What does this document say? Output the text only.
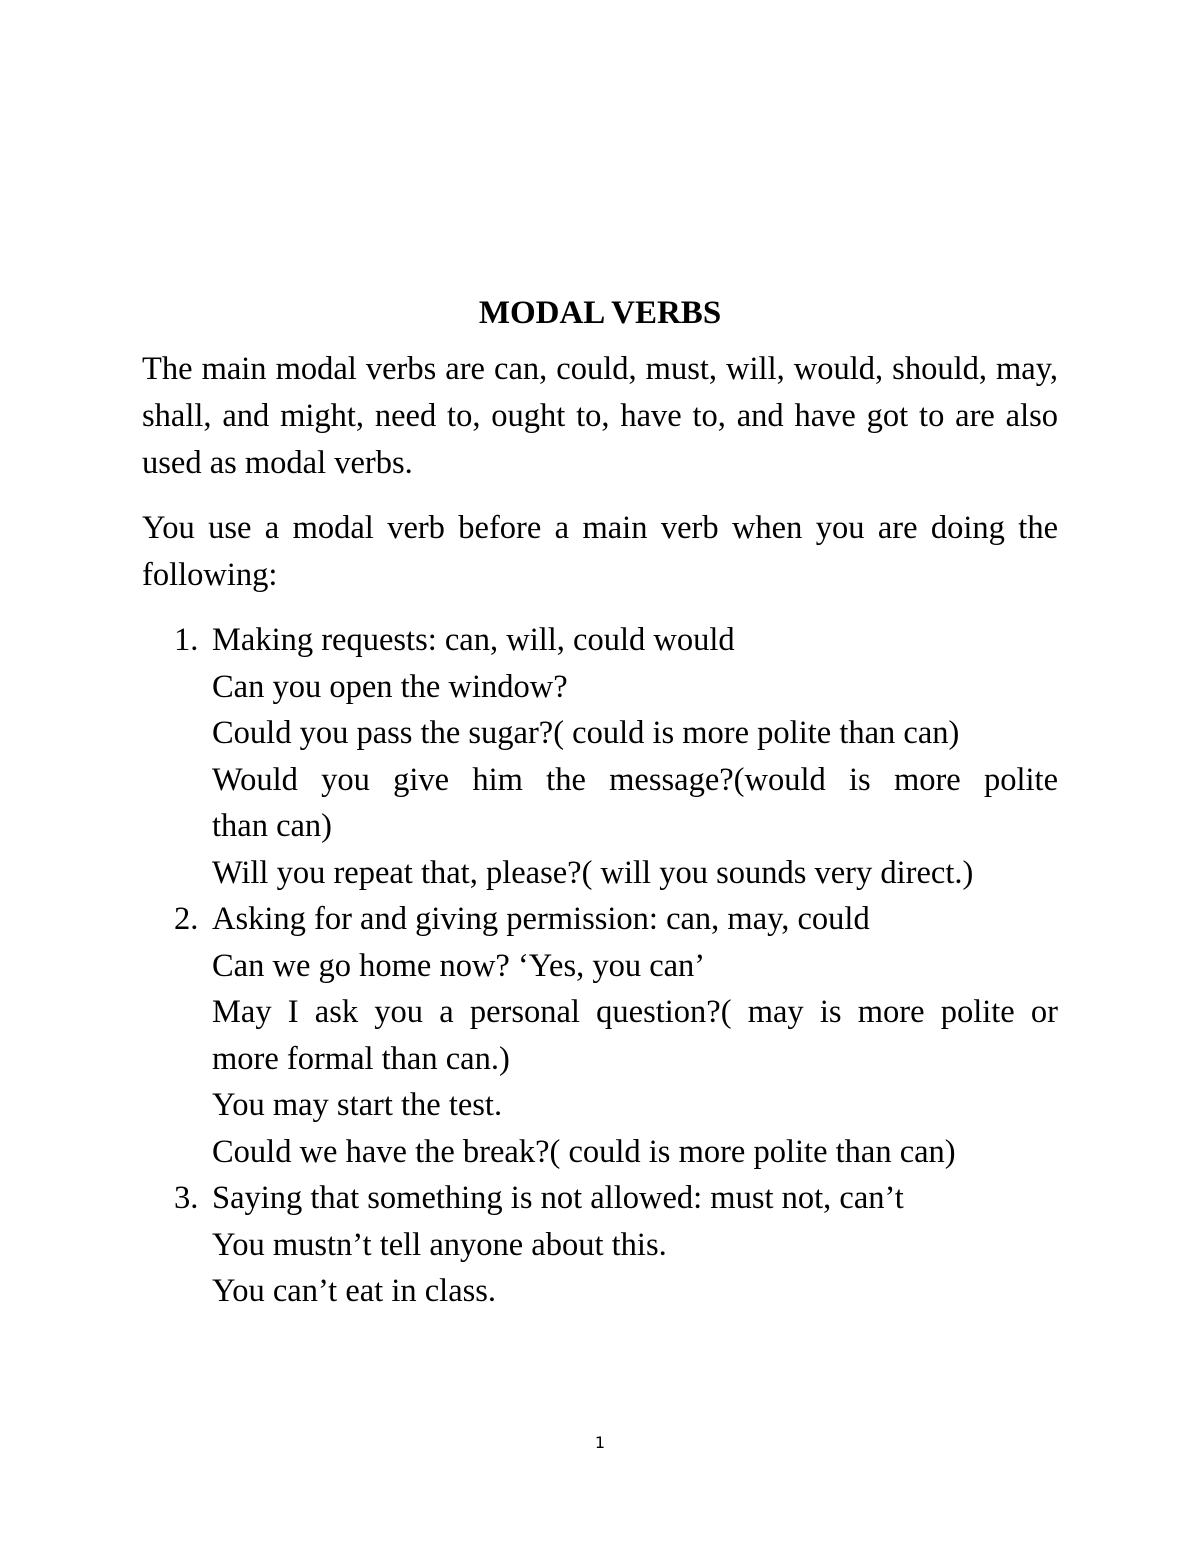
MODAL VERBS

The main modal verbs are can, could, must, will, would, should, may, shall, and might, need to, ought to, have to, and have got to are also used as modal verbs.

You use a modal verb before a main verb when you are doing the following:

1. Making requests: can, will, could would
Can you open the window?
Could you pass the sugar?( could is more polite than can)
Would you give him the message?(would is more polite
than can)
Will you repeat that, please?( will you sounds very direct.)
2. Asking for and giving permission: can, may, could
Can we go home now? ‘Yes, you can’
May I ask you a personal question?( may is more polite or
more formal than can.)
You may start the test.
Could we have the break?( could is more polite than can)
3. Saying that something is not allowed: must not, can’t
You mustn’t tell anyone about this.
You can’t eat in class.
1
